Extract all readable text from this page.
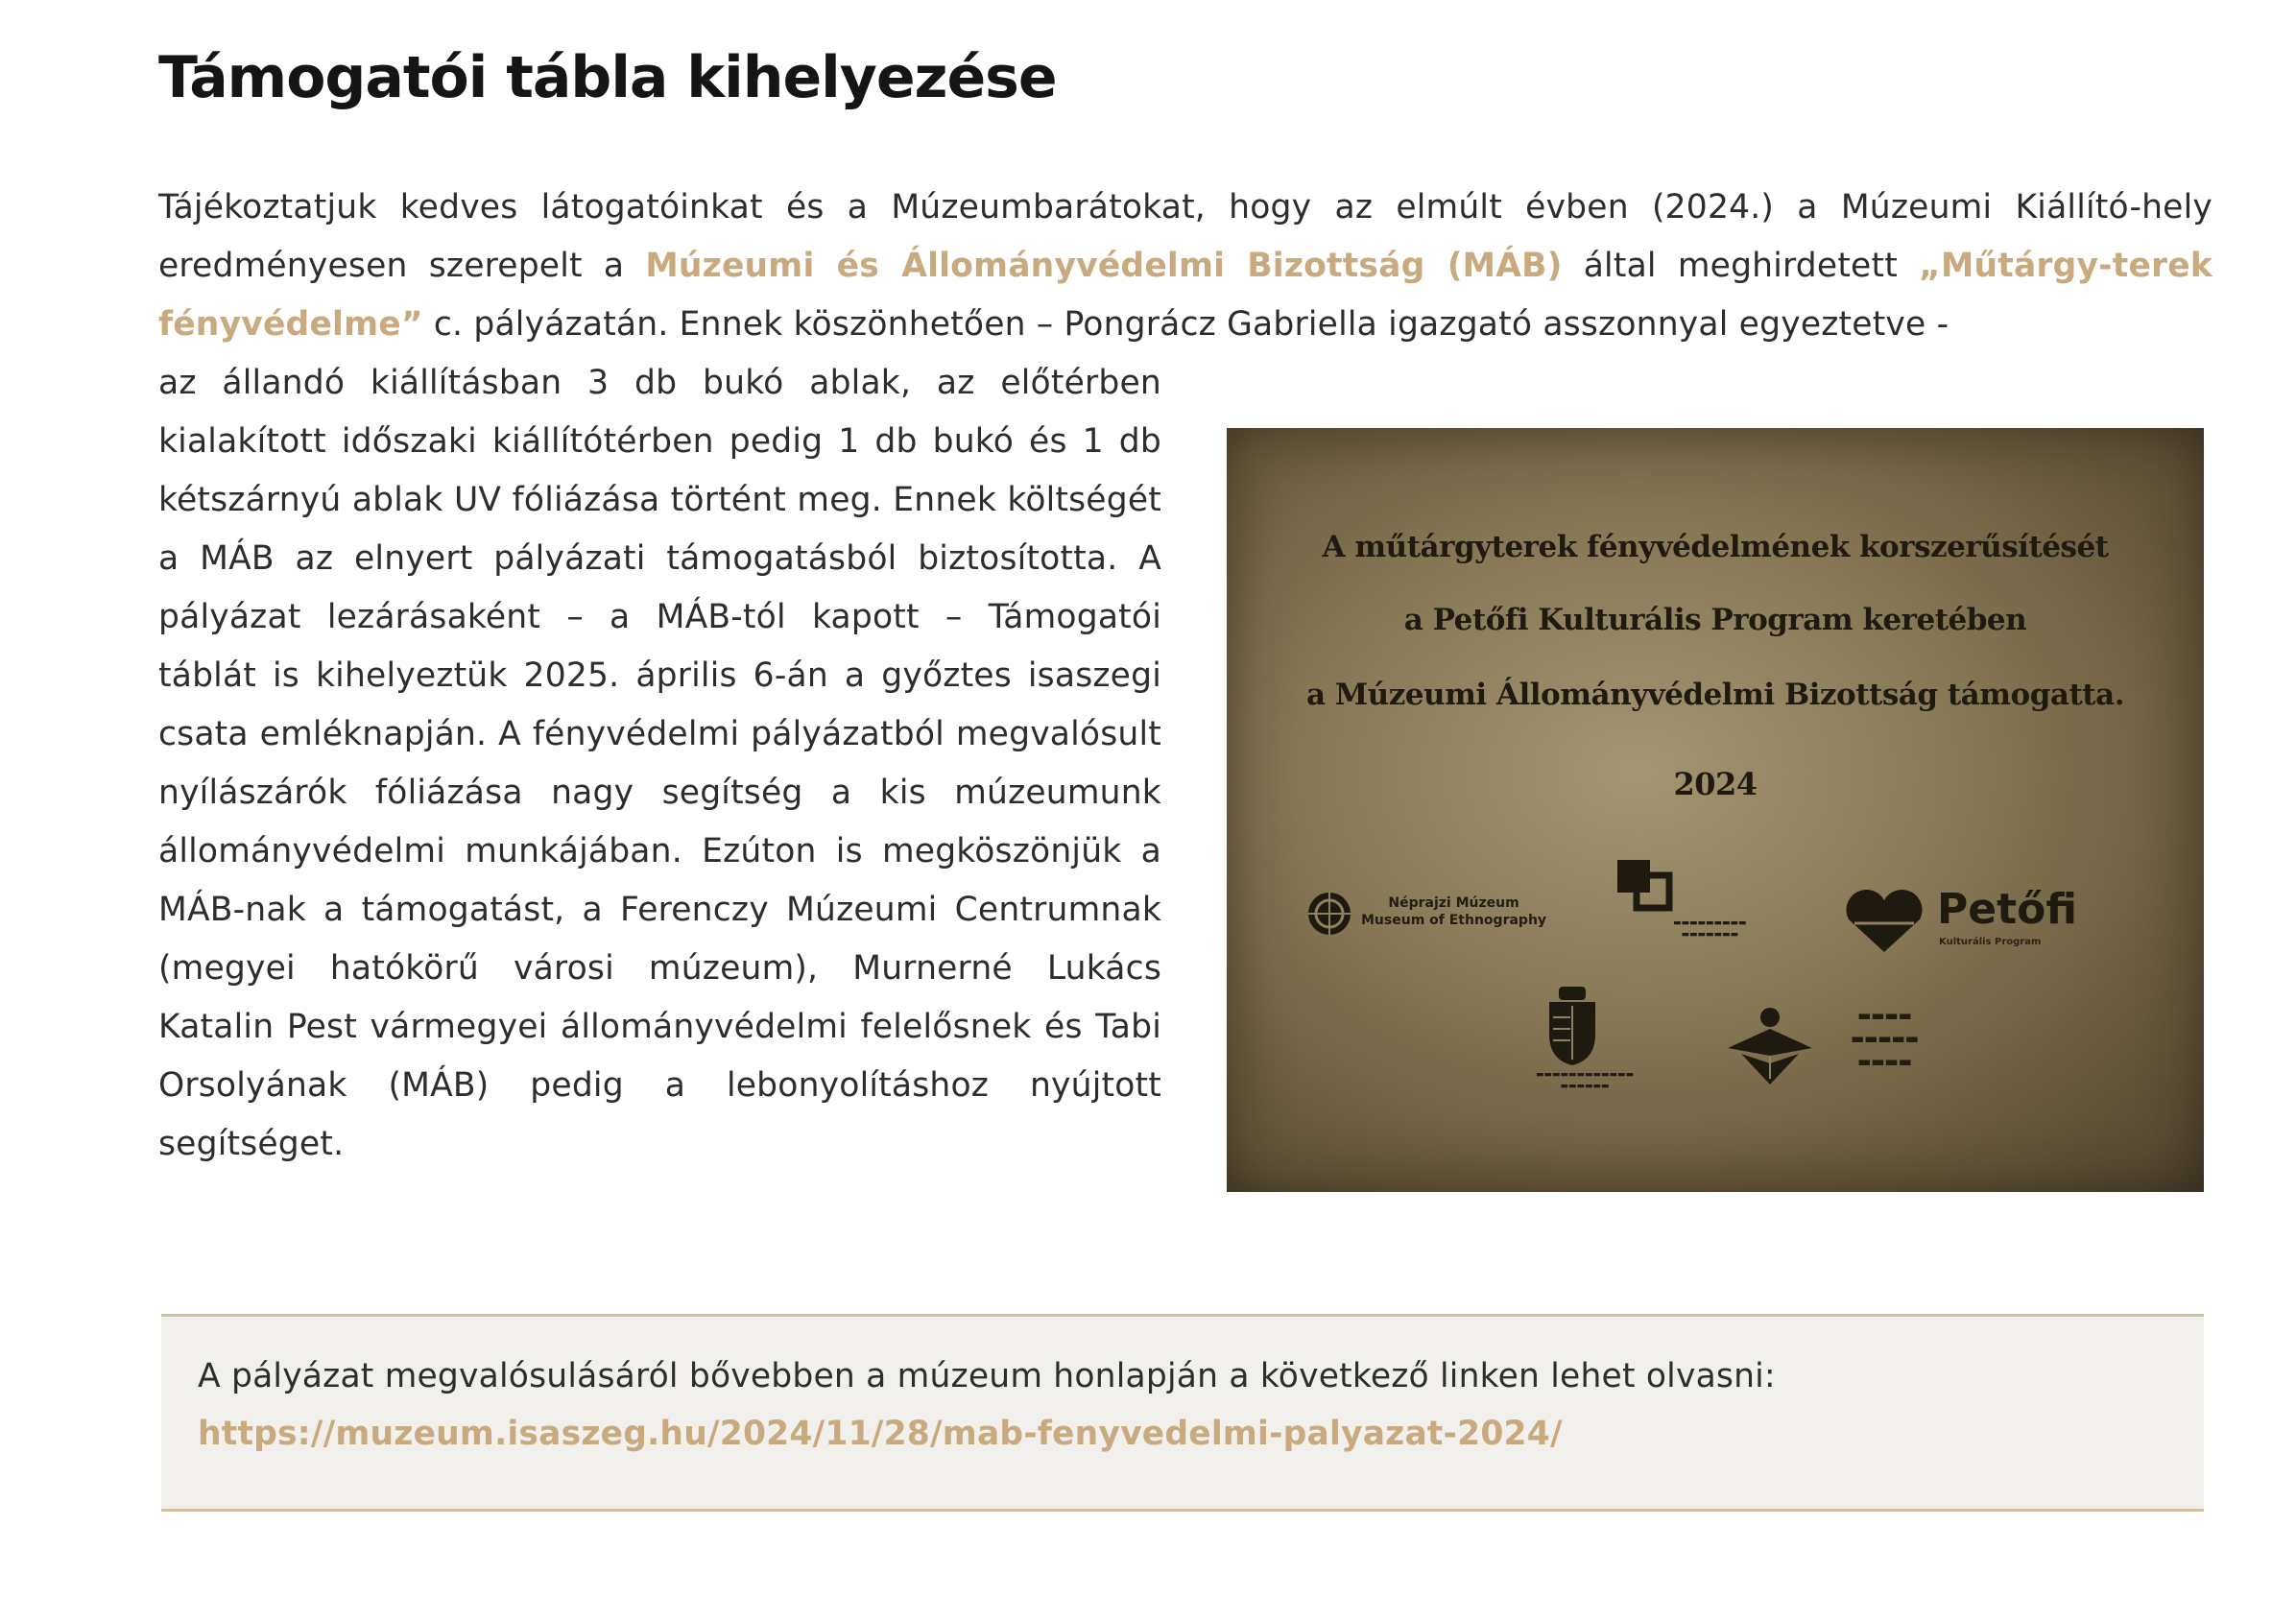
Támogatói tábla kihelyezése

Tájékoztatjuk kedves látogatóinkat és a Múzeumbarátokat, hogy az elmúlt évben (2024.) a Múzeumi Kiállító-hely eredményesen szerepelt a Múzeumi és Állományvédelmi Bizottság (MÁB) által meghirdetett „Műtárgy-terek fényvédelme” c. pályázatán. Ennek köszönhetően – Pongrácz Gabriella igazgató asszonnyal egyeztetve -

az állandó kiállításban 3 db bukó ablak, az előtérben kialakított időszaki kiállítótérben pedig 1 db bukó és 1 db kétszárnyú ablak UV fóliázása történt meg. Ennek költségét a MÁB az elnyert pályázati támogatásból biztosította. A pályázat lezárásaként – a MÁB-tól kapott – Támogatói táblát is kihelyeztük 2025. április 6-án a győztes isaszegi csata emléknapján. A fényvédelmi pályázatból megvalósult nyílászárók fóliázása nagy segítség a kis múzeumunk állományvédelmi munkájában. Ezúton is megköszönjük a MÁB-nak a támogatást, a Ferenczy Múzeumi Centrumnak (megyei hatókörű városi múzeum), Murnerné Lukács Katalin Pest vármegyei állományvédelmi felelősnek és Tabi Orsolyának (MÁB) pedig a lebonyolításhoz nyújtott segítséget.

A műtárgyterek fényvédelmének korszerűsítését
a Petőfi Kulturális Program keretében
a Múzeumi Állományvédelmi Bizottság támogatta.
2024
Néprajzi Múzeum
Museum of Ethnography	▬▬▬▬▬▬▬▬▬
▬▬▬▬▬▬▬
Petőfi
Kulturális Program
▬▬▬▬▬▬▬▬▬▬▬▬
▬▬▬▬▬▬
▬▬▬▬
▬▬▬▬▬
▬▬▬▬

A pályázat megvalósulásáról bővebben a múzeum honlapján a következő linken lehet olvasni:

https://muzeum.isaszeg.hu/2024/11/28/mab-fenyvedelmi-palyazat-2024/
